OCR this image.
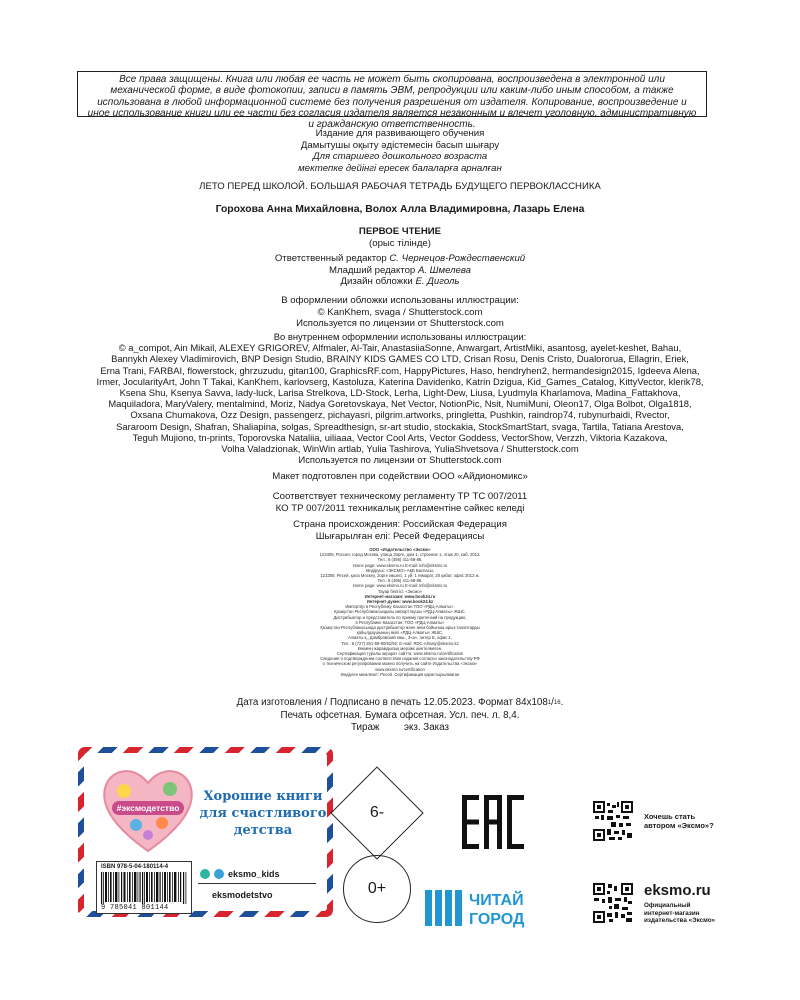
Все права защищены. Книга или любая ее часть не может быть скопирована, воспроизведена в электронной или механической форме, в виде фотокопии, записи в память ЭВМ, репродукции или каким-либо иным способом, а также использована в любой информационной системе без получения разрешения от издателя. Копирование, воспроизведение и иное использование книги или ее части без согласия издателя является незаконным и влечет уголовную, административную и гражданскую ответственность.
Издание для развивающего обучения
Дамытушы оқыту әдістемесін басып шығару
Для старшего дошкольного возраста
мектепке дейінгі ересек балаларға арналған
ЛЕТО ПЕРЕД ШКОЛОЙ. БОЛЬШАЯ РАБОЧАЯ ТЕТРАДЬ БУДУЩЕГО ПЕРВОКЛАССНИКА
Горохова Анна Михайловна, Волох Алла Владимировна, Лазарь Елена
ПЕРВОЕ ЧТЕНИЕ
(орыс тілінде)
Ответственный редактор С. Чернецов-Рождественский
Младший редактор А. Шмелева
Дизайн обложки Е. Диголь
В оформлении обложки использованы иллюстрации:
© KanKhem, svaga / Shutterstock.com
Используется по лицензии от Shutterstock.com
Во внутреннем оформлении использованы иллюстрации:
© a_compot, Ain Mikail, ALEXEY GRIGOREV, Alfmaler, Al-Tair, AnastasiiaSonne, Anwargart, ArtistMiki, asantosg, ayelet-keshet, Bahau,
Bannykh Alexey Vladimirovich, BNP Design Studio, BRAINY KIDS GAMES CO LTD, Crisan Rosu, Denis Cristo, Dualororua, Ellagrin, Eriek,
Erna Trani, FARBAI, flowerstock, ghrzuzudu, gitan100, GraphicsRF.com, HappyPictures, Haso, hendryhen2, hermandesign2015, Igdeeva Alena,
Irmer, JocularityArt, John T Takai, KanKhem, karlovserg, Kastoluza, Katerina Davidenko, Katrin Dzigua, Kid_Games_Catalog, KittyVector, klerik78,
Ksena Shu, Ksenya Savva, lady-luck, Larisa Strelkova, LD-Stock, Lerha, Light-Dew, Liusa, Lyudmyla Kharlamova, Madina_Fattakhova,
Maquiladora, MaryValery, mentalmind, Moriz, Nadya Goretovskaya, Net Vector, NotionPic, Nsit, NumiMuni, Oleon17, Olga Bolbot, Olga1818,
Oxsana Chumakova, Ozz Design, passengerz, pichayasri, pilgrim.artworks, pringletta, Pushkin, raindrop74, rubynurbaidi, Rvector,
Sararoom Design, Shafran, Shaliapina, solgas, Spreadthesign, sr-art studio, stockakia, StockSmartStart, svaga, Tartila, Tatiana Arestova,
Teguh Mujiono, tn-prints, Toporovska Nataliia, uiliaaa, Vector Cool Arts, Vector Goddess, VectorShow, Verzzh, Viktoria Kazakova,
Volha Valadzionak, WinWin artlab, Yulia Tashirova, YuliaShvetsova / Shutterstock.com
Используется по лицензии от Shutterstock.com
Макет подготовлен при содействии ООО «Айдиономикс»
Соответствует техническому регламенту ТР ТС 007/2011
КО ТР 007/2011 техникалық регламентіне сәйкес келеді
Страна происхождения: Российская Федерация
Шығарылған елі: Ресей Федерациясы
ООО «Издательство «Эксмо»
123308, Россия, город Москва, улица Зорге, дом 1, строение 1, этаж 20, каб. 2013.
Тел.: 8 (495) 411-68-86.
Home page: www.eksmo.ru E-mail: info@eksmo.ru
Өндіруші: «ЭКСМО» АҚБ Баспасы,
123308, Ресей, қала Мәскеу, Зорге көшесі, 1 үй, 1 ғимарат, 20 қабат, офис 2013 ж.
Тел.: 8 (495) 411-68-86.
Home page: www.eksmo.ru E-mail: info@eksmo.ru
Тауар белгісі: «Эксмо»
Интернет-магазин: www.book24.ru
Интернет-дүкен: www.book24.kz
Импортёр в Республику Казахстан ТОО «РДЦ-Алматы».
Қазақстан Республикасындағы импорттаушы «РДЦ-Алматы» ЖШС.
Дистрибьютор и представитель по приему претензий на продукцию,
в Республике Казахстан: ТОО «РДЦ-Алматы»
Қазақстан Республикасында дистрибьютор және өнім бойынша арыз-талаптарды
қабылдаушының өкілі «РДЦ-Алматы» ЖШС,
Алматы қ., Домбровский көш., 3«а», литер Б, офис 1.
Тел.: 8 (727) 251-59-90/91/92; E-mail: RDC-Almaty@eksmo.kz
Өнімнің жарамдылық мерзімі шектелмеген.
Сертификация туралы ақпарат сайтта: www.eksmo.ru/certification
Сведения о подтверждении соответствия издания согласно законодательству РФ
о техническом регулировании можно получить на сайте Издательства «Эксмо»
www.eksmo.ru/certification
Өндірген мемлекет: Ресей. Сертификация қарастырылмаған
Дата изготовления / Подписано в печать 12.05.2023. Формат $84x108^1/16$.
Печать офсетная. Бумага офсетная. Усл. печ. л. 8,4.
Тираж	экз. Заказ
#эксмодетство
Хорошие книги для счастливого детства
ISBN 978-5-04-180114-4
9 785041 801144
eksmo_kids
eksmodetstvo
6-
0+
ЧИТАЙ
ГОРОД
Хочешь стать
автором «Эксмо»?
eksmo.ru
Официальный
интернет-магазин
издательства «Эксмо»
